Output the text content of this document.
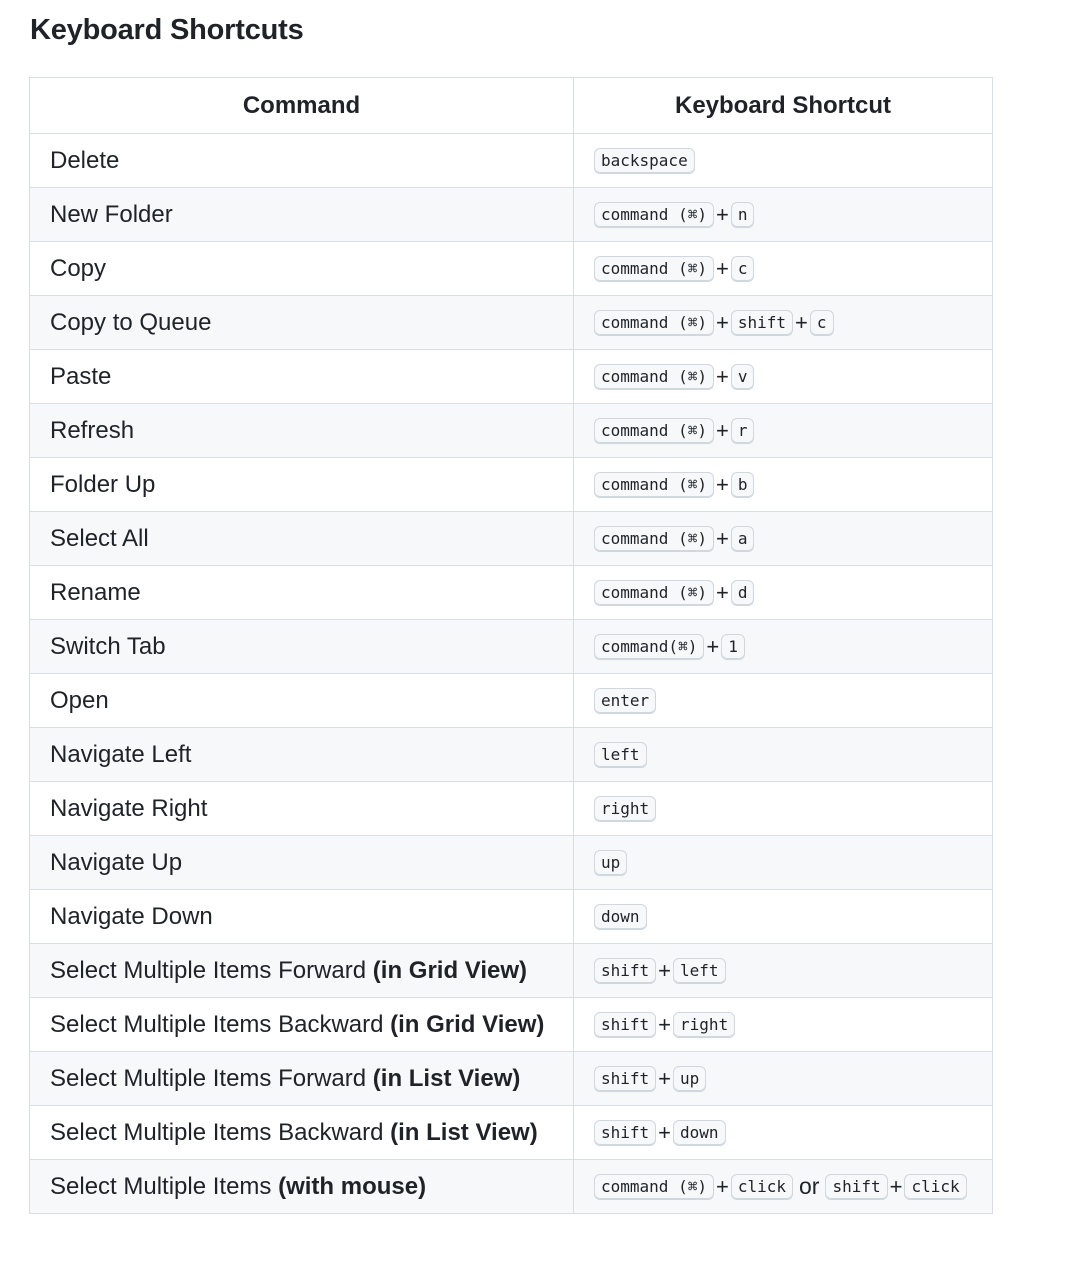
Keyboard Shortcuts
Command	Keyboard Shortcut
Delete	backspace
New Folder	command (⌘) + n
Copy	command (⌘) + c
Copy to Queue	command (⌘) + shift + c
Paste	command (⌘) + v
Refresh	command (⌘) + r
Folder Up	command (⌘) + b
Select All	command (⌘) + a
Rename	command (⌘) + d
Switch Tab	command(⌘) + 1
Open	enter
Navigate Left	left
Navigate Right	right
Navigate Up	up
Navigate Down	down
Select Multiple Items Forward (in Grid View)	shift + left
Select Multiple Items Backward (in Grid View)	shift + right
Select Multiple Items Forward (in List View)	shift + up
Select Multiple Items Backward (in List View)	shift + down
Select Multiple Items (with mouse)	command (⌘) + click or shift + click
